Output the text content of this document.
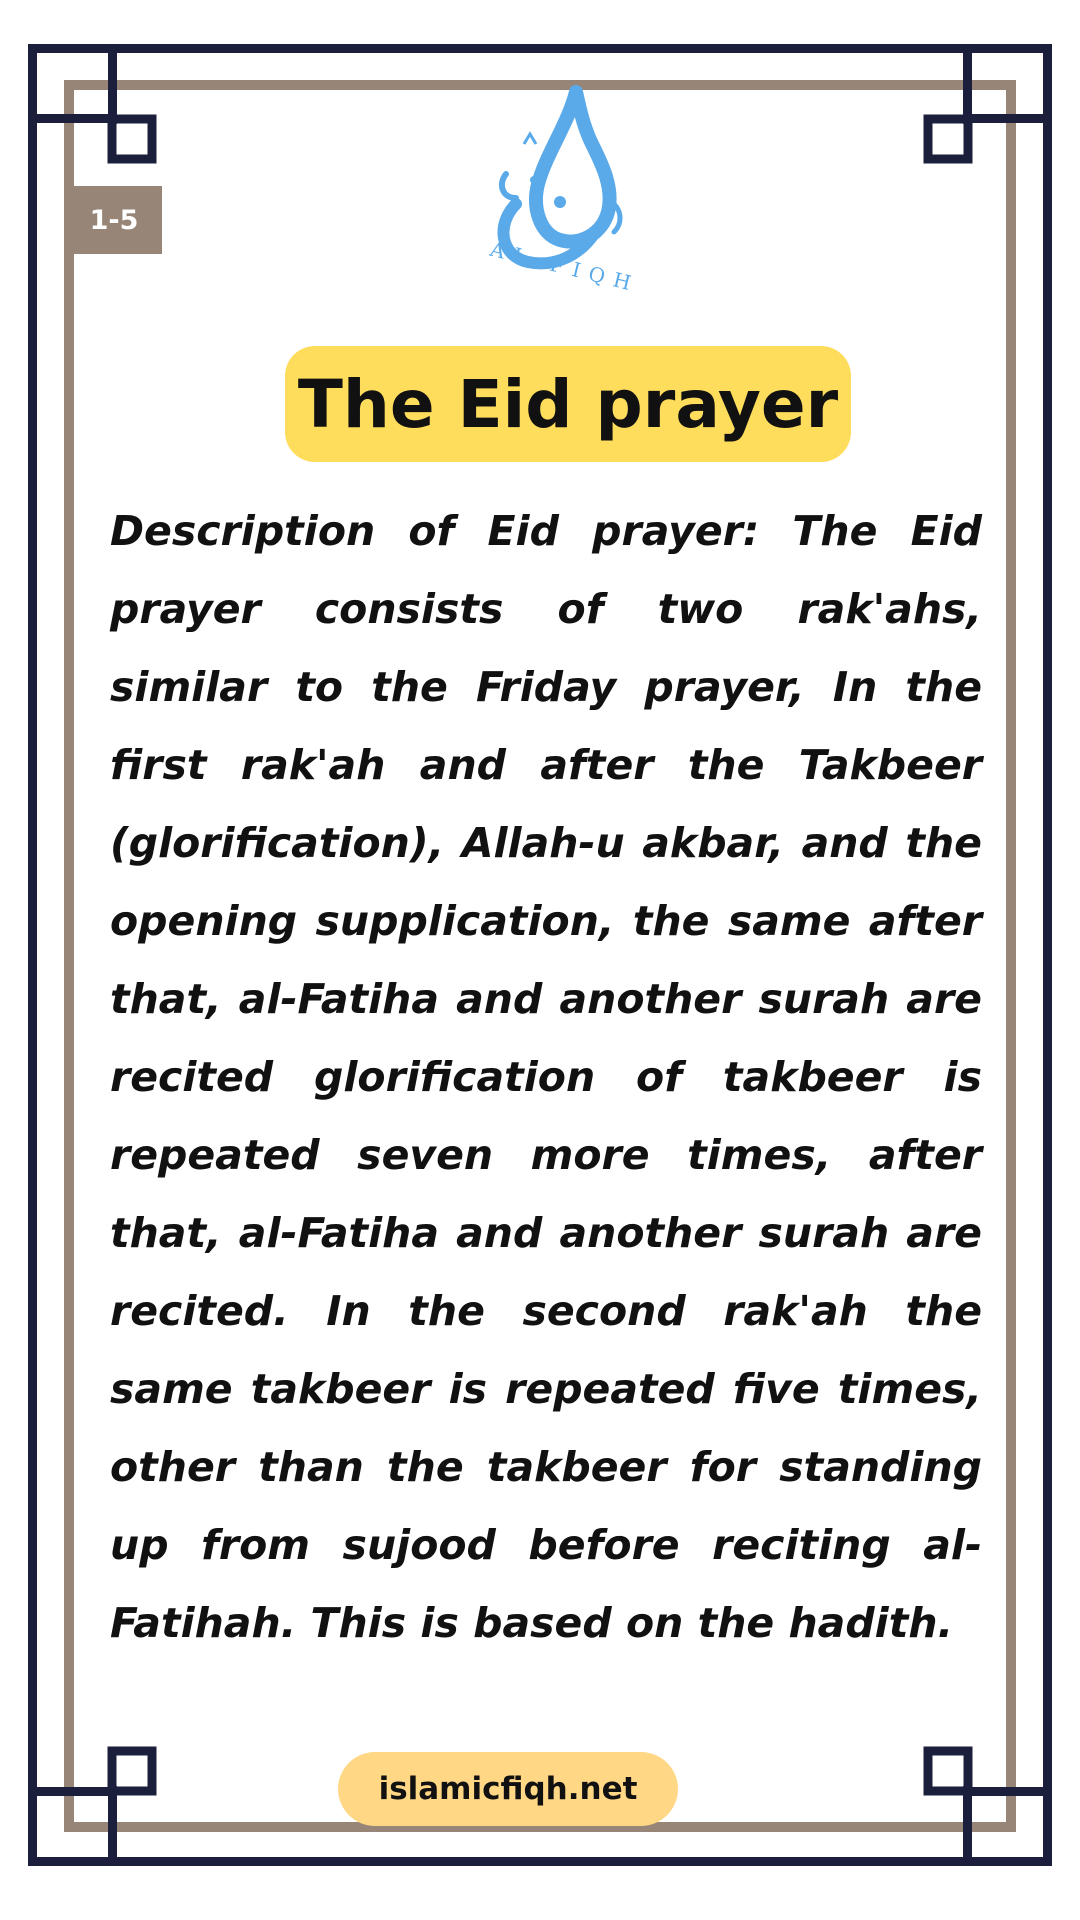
1-5
AL-FIQH
The Eid prayer

Description of Eid prayer: The Eid prayer consists of two rak'ahs, similar to the Friday prayer, In the first rak'ah and after the Takbeer (glorification), Allah-u akbar, and the opening supplication, the same after that, al-Fatiha and another surah are recited glorification of takbeer is repeated seven more times, after that, al-Fatiha and another surah are recited. In the second rak'ah the same takbeer is repeated five times, other than the takbeer for standing up from sujood before reciting al-Fatihah. This is based on the hadith.

islamicfiqh.net
